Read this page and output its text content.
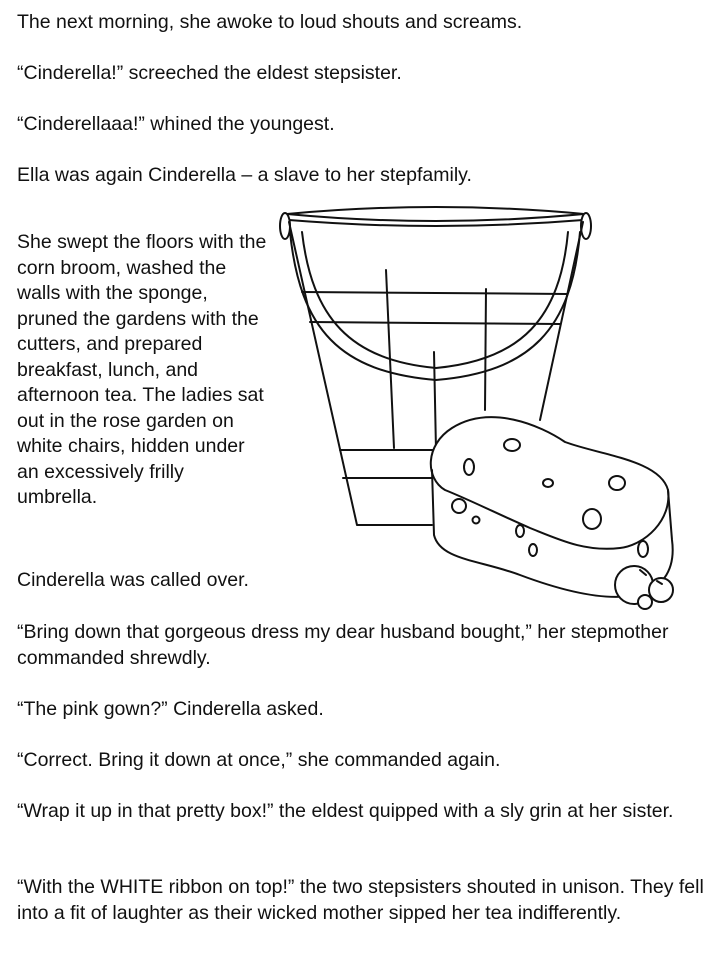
The next morning, she awoke to loud shouts and screams.

“Cinderella!” screeched the eldest stepsister.

“Cinderellaaa!” whined the youngest.

Ella was again Cinderella – a slave to her stepfamily.

She swept the floors with the corn broom, washed the walls with the sponge, pruned the gardens with the cutters, and prepared breakfast, lunch, and afternoon tea. The ladies sat out in the rose garden on white chairs, hidden under an excessively frilly umbrella.

Cinderella was called over.

“Bring down that gorgeous dress my dear husband bought,” her stepmother commanded shrewdly.

“The pink gown?” Cinderella asked.

“Correct. Bring it down at once,” she commanded again.

“Wrap it up in that pretty box!” the eldest quipped with a sly grin at her sister.

“With the WHITE ribbon on top!” the two stepsisters shouted in unison. They fell into a fit of laughter as their wicked mother sipped her tea indifferently.
